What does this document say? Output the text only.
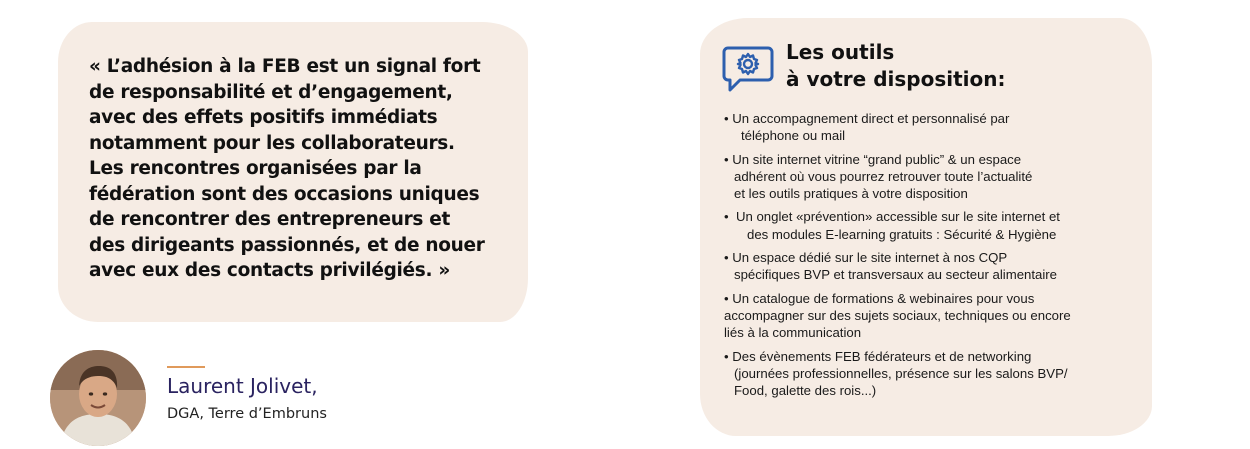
« L’adhésion à la FEB est un signal fort
de responsabilité et d’engagement,
avec des effets positifs immédiats
notamment pour les collaborateurs.
Les rencontres organisées par la
fédération sont des occasions uniques
de rencontrer des entrepreneurs et
des dirigeants passionnés, et de nouer
avec eux des contacts privilégiés. »

Laurent Jolivet,
DGA, Terre d’Embruns
Les outils
à votre disposition:
• Un accompagnement direct et personnalisé par
téléphone ou mail
• Un site internet vitrine “grand public” & un espace
adhérent où vous pourrez retrouver toute l’actualité
et les outils pratiques à votre disposition
•  Un onglet «prévention» accessible sur le site internet et
des modules E-learning gratuits : Sécurité & Hygiène
• Un espace dédié sur le site internet à nos CQP
spécifiques BVP et transversaux au secteur alimentaire
• Un catalogue de formations & webinaires pour vous
accompagner sur des sujets sociaux, techniques ou encore
liés à la communication
• Des évènements FEB fédérateurs et de networking
(journées professionnelles, présence sur les salons BVP/
Food, galette des rois...)
